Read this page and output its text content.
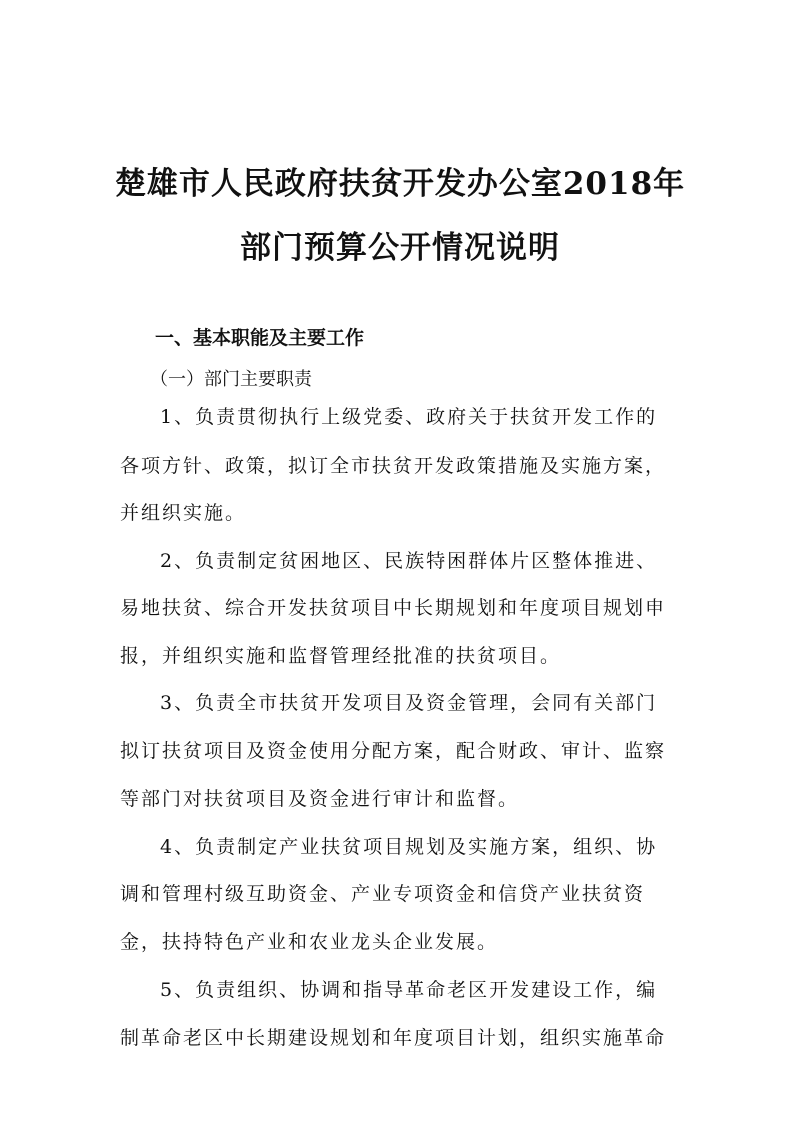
楚雄市人民政府扶贫开发办公室2018年
部门预算公开情况说明
一、基本职能及主要工作
（一）部门主要职责
1、负责贯彻执行上级党委、政府关于扶贫开发工作的
各项方针、政策，拟订全市扶贫开发政策措施及实施方案，
并组织实施。
2、负责制定贫困地区、民族特困群体片区整体推进、
易地扶贫、综合开发扶贫项目中长期规划和年度项目规划申
报，并组织实施和监督管理经批准的扶贫项目。
3、负责全市扶贫开发项目及资金管理，会同有关部门
拟订扶贫项目及资金使用分配方案，配合财政、审计、监察
等部门对扶贫项目及资金进行审计和监督。
4、负责制定产业扶贫项目规划及实施方案，组织、协
调和管理村级互助资金、产业专项资金和信贷产业扶贫资
金，扶持特色产业和农业龙头企业发展。
5、负责组织、协调和指导革命老区开发建设工作，编
制革命老区中长期建设规划和年度项目计划，组织实施革命
